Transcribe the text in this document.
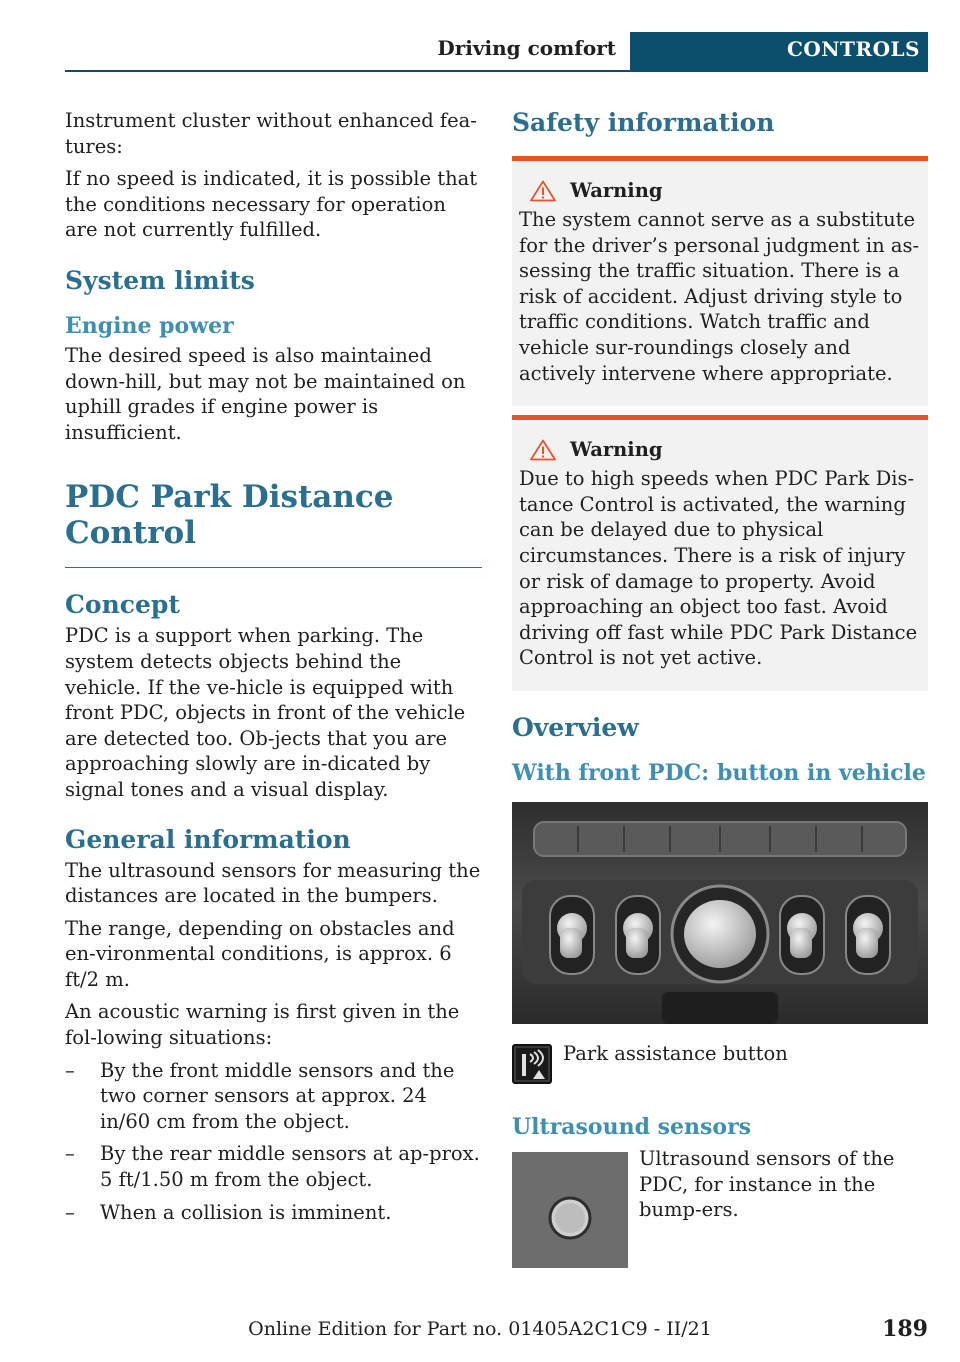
Driving comfort	CONTROLS

Instrument cluster without enhanced fea‐tures:

If no speed is indicated, it is possible that the conditions necessary for operation are not currently fulfilled.

System limits
Engine power

The desired speed is also maintained down‐hill, but may not be maintained on uphill grades if engine power is insufficient.

PDC Park Distance Control
Concept

PDC is a support when parking. The system detects objects behind the vehicle. If the ve‐hicle is equipped with front PDC, objects in front of the vehicle are detected too. Ob‐jects that you are approaching slowly are in‐dicated by signal tones and a visual display.

General information

The ultrasound sensors for measuring the distances are located in the bumpers.

The range, depending on obstacles and en‐vironmental conditions, is approx. 6 ft/2 m.

An acoustic warning is first given in the fol‐lowing situations:

–	By the front middle sensors and the two corner sensors at approx. 24 in/60 cm from the object.
–	By the rear middle sensors at ap‐prox. 5 ft/1.50 m from the object.
–	When a collision is imminent.
Safety information
Warning

The system cannot serve as a substitute for the driver’s personal judgment in as‐sessing the traffic situation. There is a risk of accident. Adjust driving style to traffic conditions. Watch traffic and vehicle sur‐roundings closely and actively intervene where appropriate.

Warning

Due to high speeds when PDC Park Dis‐tance Control is activated, the warning can be delayed due to physical circumstances. There is a risk of injury or risk of damage to property. Avoid approaching an object too fast. Avoid driving off fast while PDC Park Distance Control is not yet active.

Overview
With front PDC: button in vehicle
Park assistance button
Ultrasound sensors

Ultrasound sensors of the PDC, for instance in the bump‐ers.

Online Edition for Part no. 01405A2C1C9 - II/21	189
